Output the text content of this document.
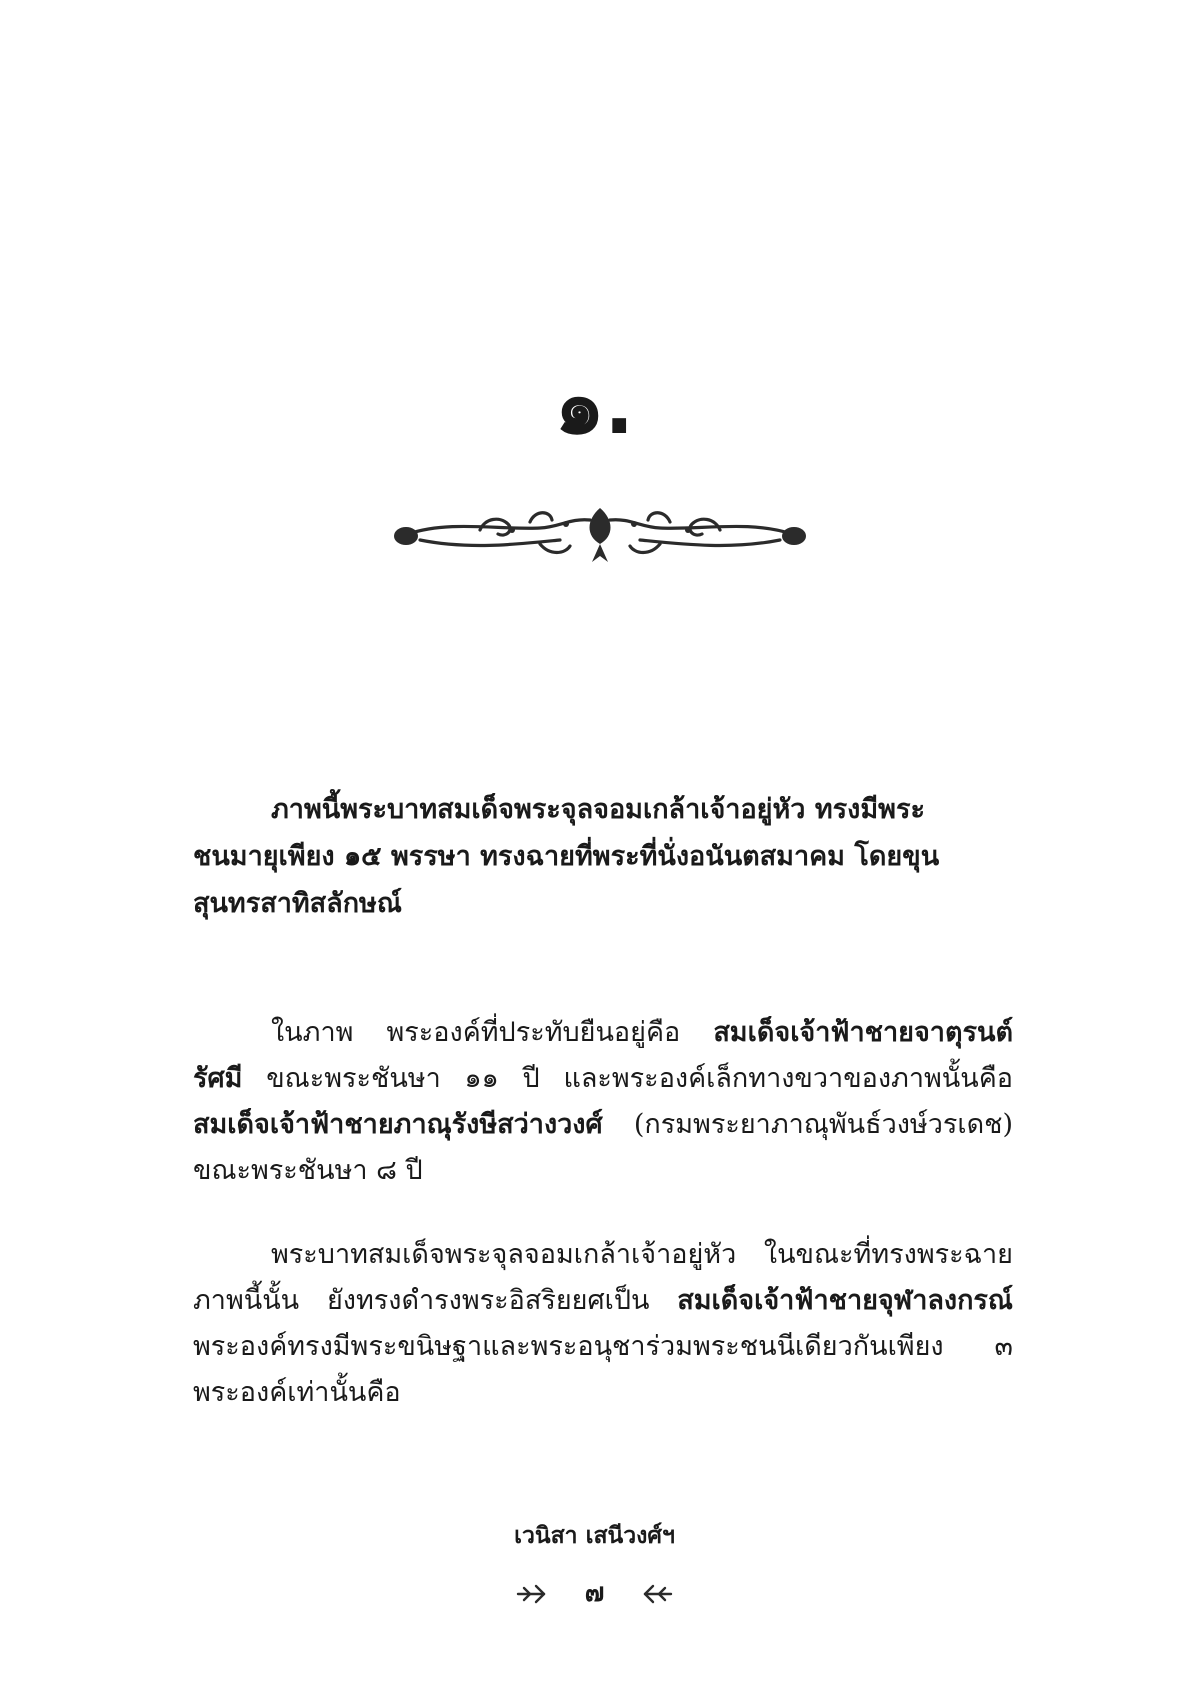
๑.
ภาพนี้พระบาทสมเด็จพระจุลจอมเกล้าเจ้าอยู่หัว ทรงมีพระ
ชนมายุเพียง ๑๕ พรรษา ทรงฉายที่พระที่นั่งอนันตสมาคม โดยขุน
สุนทรสาทิสลักษณ์
ในภาพ พระองค์ที่ประทับยืนอยู่คือ สมเด็จเจ้าฟ้าชายจาตุรนต์รัศมี ขณะพระชันษา ๑๑ ปี และพระองค์เล็กทางขวาของภาพนั้นคือ สมเด็จเจ้าฟ้าชายภาณุรังษีสว่างวงศ์ (กรมพระยาภาณุพันธ์วงษ์วรเดช) ขณะพระชันษา ๘ ปี
พระบาทสมเด็จพระจุลจอมเกล้าเจ้าอยู่หัว ในขณะที่ทรงพระฉายภาพนี้นั้น ยังทรงดำรงพระอิสริยยศเป็น สมเด็จเจ้าฟ้าชายจุฬาลงกรณ์ พระองค์ทรงมีพระขนิษฐาและพระอนุชาร่วมพระชนนีเดียวกันเพียง ๓ พระองค์เท่านั้นคือ
เวนิสา เสนีวงศ์ฯ
๗
